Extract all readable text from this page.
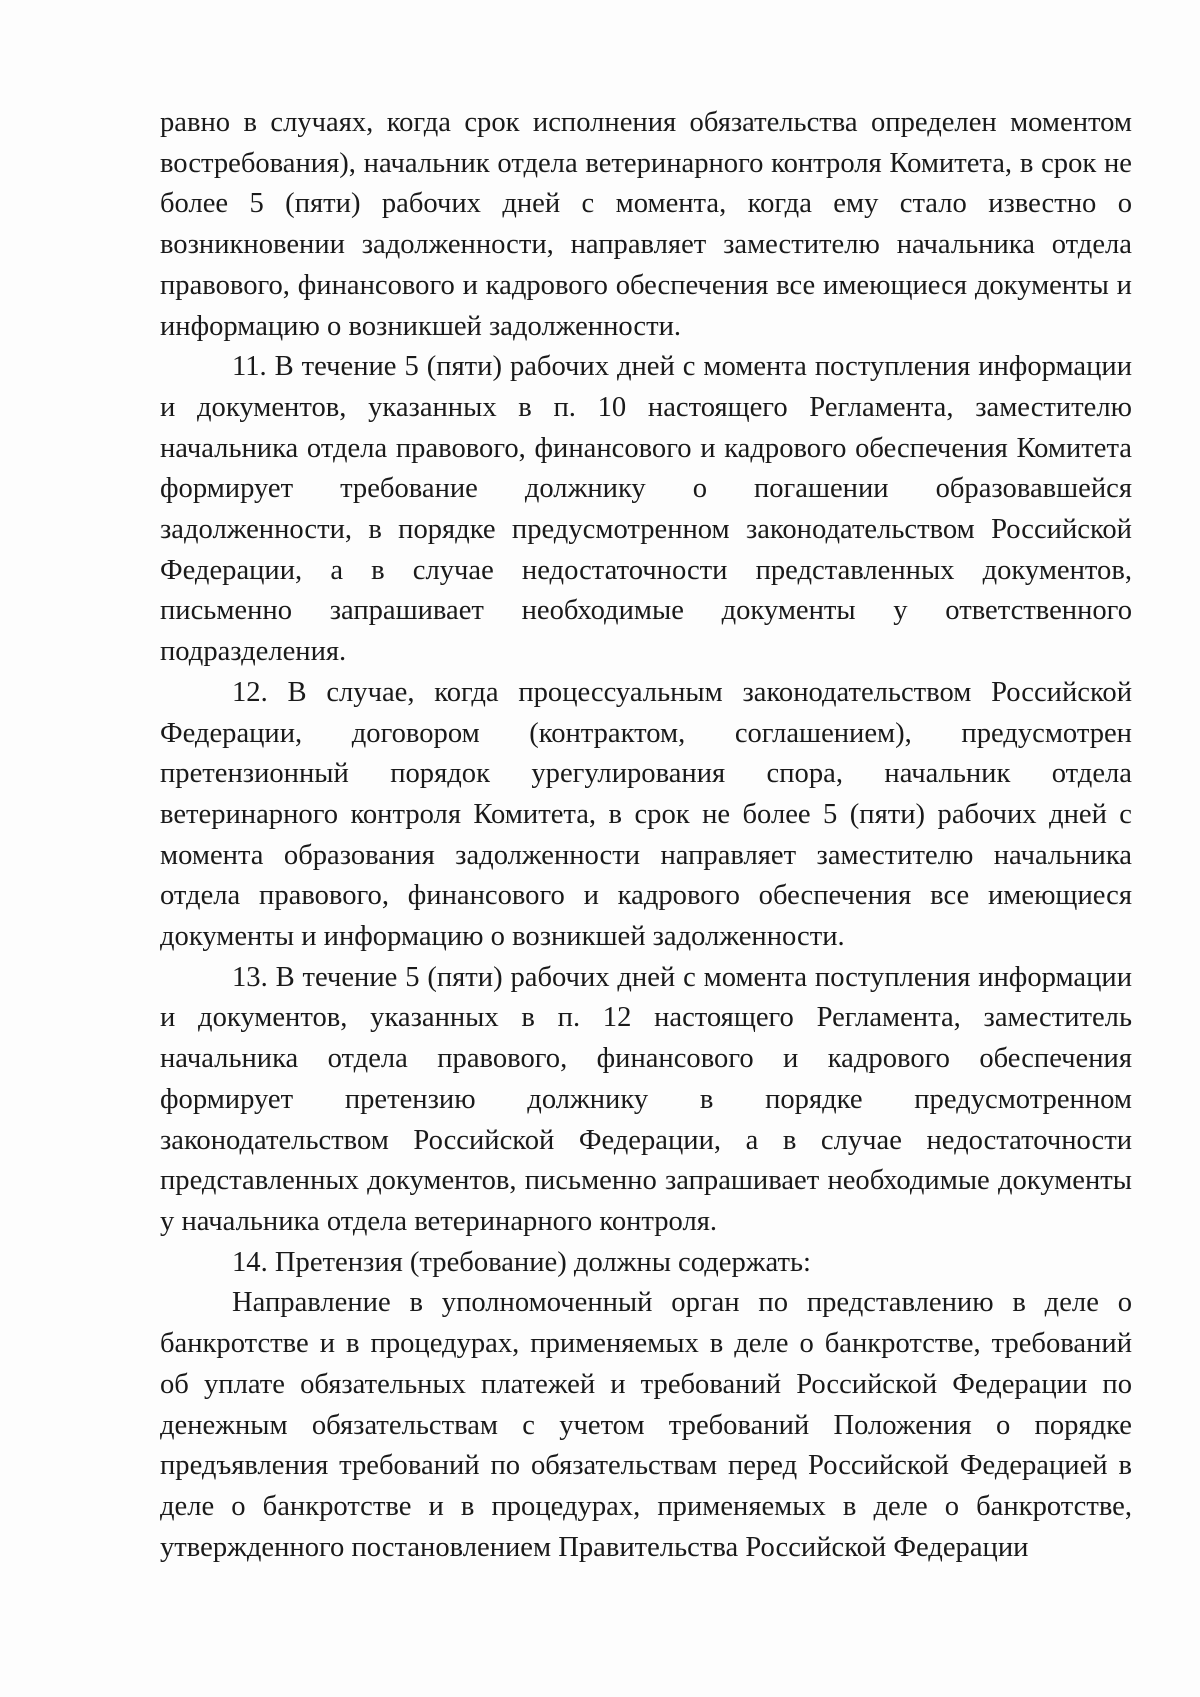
равно в случаях, когда срок исполнения обязательства определен моментом востребования), начальник отдела ветеринарного контроля Комитета, в срок не более 5 (пяти) рабочих дней с момента, когда ему стало известно о возникновении задолженности, направляет заместителю начальника отдела правового, финансового и кадрового обеспечения все имеющиеся документы и информацию о возникшей задолженности.

11. В течение 5 (пяти) рабочих дней с момента поступления информации и документов, указанных в п. 10 настоящего Регламента, заместителю начальника отдела правового, финансового и кадрового обеспечения Комитета формирует требование должнику о погашении образовавшейся задолженности, в порядке предусмотренном законодательством Российской Федерации, а в случае недостаточности представленных документов, письменно запрашивает необходимые документы у ответственного подразделения.

12. В случае, когда процессуальным законодательством Российской Федерации, договором (контрактом, соглашением), предусмотрен претензионный порядок урегулирования спора, начальник отдела ветеринарного контроля Комитета, в срок не более 5 (пяти) рабочих дней с момента образования задолженности направляет заместителю начальника отдела правового, финансового и кадрового обеспечения все имеющиеся документы и информацию о возникшей задолженности.

13. В течение 5 (пяти) рабочих дней с момента поступления информации и документов, указанных в п. 12 настоящего Регламента, заместитель начальника отдела правового, финансового и кадрового обеспечения формирует претензию должнику в порядке предусмотренном законодательством Российской Федерации, а в случае недостаточности представленных документов, письменно запрашивает необходимые документы у начальника отдела ветеринарного контроля.

14. Претензия (требование) должны содержать:

Направление в уполномоченный орган по представлению в деле о банкротстве и в процедурах, применяемых в деле о банкротстве, требований об уплате обязательных платежей и требований Российской Федерации по денежным обязательствам с учетом требований Положения о порядке предъявления требований по обязательствам перед Российской Федерацией в деле о банкротстве и в процедурах, применяемых в деле о банкротстве, утвержденного постановлением Правительства Российской Федерации
